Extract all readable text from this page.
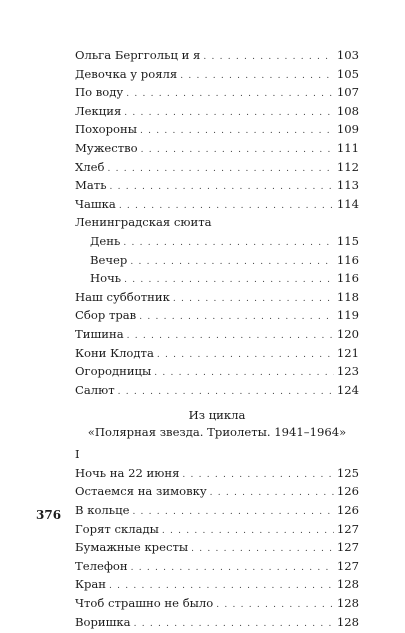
Ольга Берггольц и я . . .	103
Девочка у рояля . . .	105
По воду . . .	107
Лекция . . .	108
Похороны . . .	109
Мужество . . .	111
Хлеб . . .	112
Мать . . .	113
Чашка . . .	114
Ленинградская сюита
День . . .	115
Вечер . . .	116
Ночь . . .	116
Наш субботник . . .	118
Сбор трав . . .	119
Тишина . . .	120
Кони Клодта . . .	121
Огородницы . . .	123
Салют . . .	124
Из цикла
«Полярная звезда. Триолеты. 1941–1964»
I
Ночь на 22 июня . . .	125
Остаемся на зимовку . . .	126
В кольце . . .	126
Горят склады . . .	127
Бумажные кресты . . .	127
Телефон . . .	127
Кран . . .	128
Чтоб страшно не было . . .	128
Воришка . . .	128
376
